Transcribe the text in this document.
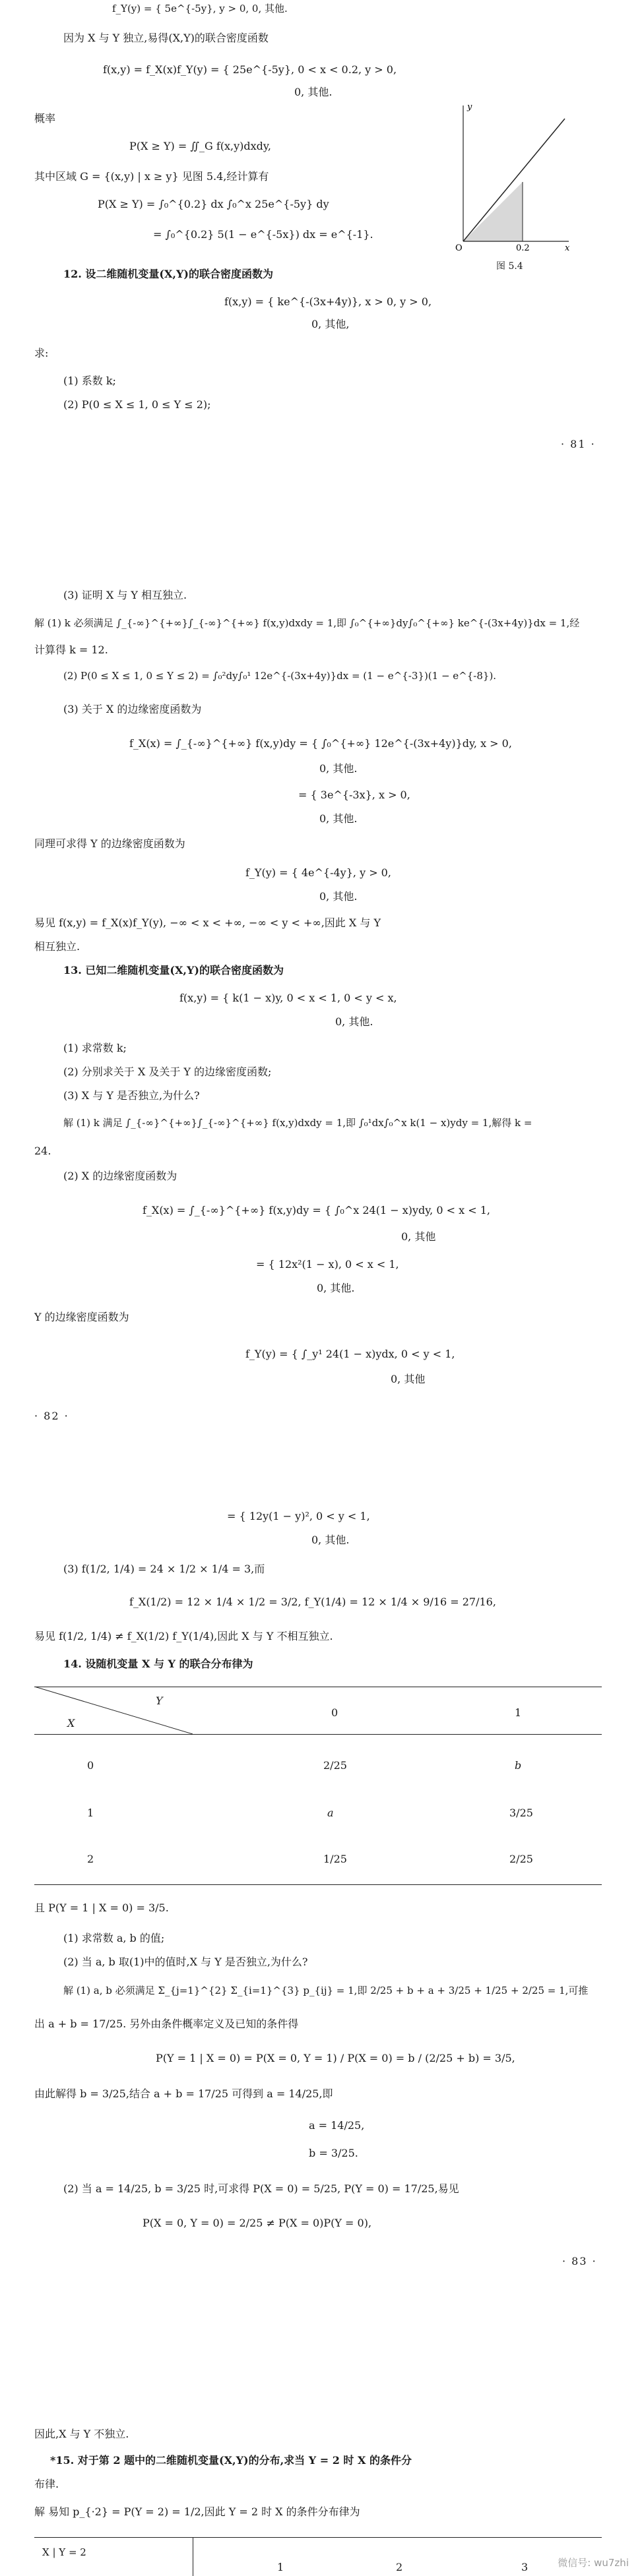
f_Y(y) = { 5e^{-5y}, y > 0, 0, 其他.
因为 X 与 Y 独立,易得(X,Y)的联合密度函数
f(x,y) = f_X(x)f_Y(y) = { 25e^{-5y}, 0 < x < 0.2, y > 0,
0, 其他.
概率
P(X ≥ Y) = ∬_G f(x,y)dxdy,
其中区域 G = {(x,y) | x ≥ y} 见图 5.4,经计算有
P(X ≥ Y) = ∫₀^{0.2} dx ∫₀^x 25e^{-5y} dy
= ∫₀^{0.2} 5(1 − e^{-5x}) dx = e^{-1}.
O	0.2	x
y
图 5.4
12. 设二维随机变量(X,Y)的联合密度函数为
f(x,y) = { ke^{-(3x+4y)}, x > 0, y > 0,
0, 其他,
求:
(1) 系数 k;
(2) P(0 ≤ X ≤ 1, 0 ≤ Y ≤ 2);
· 81 ·
(3) 证明 X 与 Y 相互独立.
解 (1) k 必须满足 ∫_{-∞}^{+∞}∫_{-∞}^{+∞} f(x,y)dxdy = 1,即 ∫₀^{+∞}dy∫₀^{+∞} ke^{-(3x+4y)}dx = 1,经
计算得 k = 12.
(2) P(0 ≤ X ≤ 1, 0 ≤ Y ≤ 2) = ∫₀²dy∫₀¹ 12e^{-(3x+4y)}dx = (1 − e^{-3})(1 − e^{-8}).
(3) 关于 X 的边缘密度函数为
f_X(x) = ∫_{-∞}^{+∞} f(x,y)dy = { ∫₀^{+∞} 12e^{-(3x+4y)}dy, x > 0,
0, 其他.
= { 3e^{-3x}, x > 0,
0, 其他.
同理可求得 Y 的边缘密度函数为
f_Y(y) = { 4e^{-4y}, y > 0,
0, 其他.
易见 f(x,y) = f_X(x)f_Y(y), −∞ < x < +∞, −∞ < y < +∞,因此 X 与 Y
相互独立.
13. 已知二维随机变量(X,Y)的联合密度函数为
f(x,y) = { k(1 − x)y, 0 < x < 1, 0 < y < x,
0, 其他.
(1) 求常数 k;
(2) 分别求关于 X 及关于 Y 的边缘密度函数;
(3) X 与 Y 是否独立,为什么?
解 (1) k 满足 ∫_{-∞}^{+∞}∫_{-∞}^{+∞} f(x,y)dxdy = 1,即 ∫₀¹dx∫₀^x k(1 − x)ydy = 1,解得 k =
24.
(2) X 的边缘密度函数为
f_X(x) = ∫_{-∞}^{+∞} f(x,y)dy = { ∫₀^x 24(1 − x)ydy, 0 < x < 1,
0, 其他
= { 12x²(1 − x), 0 < x < 1,
0, 其他.
Y 的边缘密度函数为
f_Y(y) = { ∫_y¹ 24(1 − x)ydx, 0 < y < 1,
0, 其他
· 82 ·
= { 12y(1 − y)², 0 < y < 1,
0, 其他.
(3) f(1/2, 1/4) = 24 × 1/2 × 1/4 = 3,而
f_X(1/2) = 12 × 1/4 × 1/2 = 3/2, f_Y(1/4) = 12 × 1/4 × 9/16 = 27/16,
易见 f(1/2, 1/4) ≠ f_X(1/2) f_Y(1/4),因此 X 与 Y 不相互独立.
14. 设随机变量 X 与 Y 的联合分布律为
Y
X
0	1
0	2/25	b
1	a	3/25
2	1/25	2/25
且 P(Y = 1 | X = 0) = 3/5.
(1) 求常数 a, b 的值;
(2) 当 a, b 取(1)中的值时,X 与 Y 是否独立,为什么?
解 (1) a, b 必须满足 Σ_{j=1}^{2} Σ_{i=1}^{3} p_{ij} = 1,即 2/25 + b + a + 3/25 + 1/25 + 2/25 = 1,可推
出 a + b = 17/25. 另外由条件概率定义及已知的条件得
P(Y = 1 | X = 0) = P(X = 0, Y = 1) / P(X = 0) = b / (2/25 + b) = 3/5,
由此解得 b = 3/25,结合 a + b = 17/25 可得到 a = 14/25,即
a = 14/25,
b = 3/25.
(2) 当 a = 14/25, b = 3/25 时,可求得 P(X = 0) = 5/25, P(Y = 0) = 17/25,易见
P(X = 0, Y = 0) = 2/25 ≠ P(X = 0)P(Y = 0),
· 83 ·
因此,X 与 Y 不独立.
*15. 对于第 2 题中的二维随机变量(X,Y)的分布,求当 Y = 2 时 X 的条件分
布律.
解 易知 p_{·2} = P(Y = 2) = 1/2,因此 Y = 2 时 X 的条件分布律为
X | Y = 2
1	2	3	微信号: wu7zhi
